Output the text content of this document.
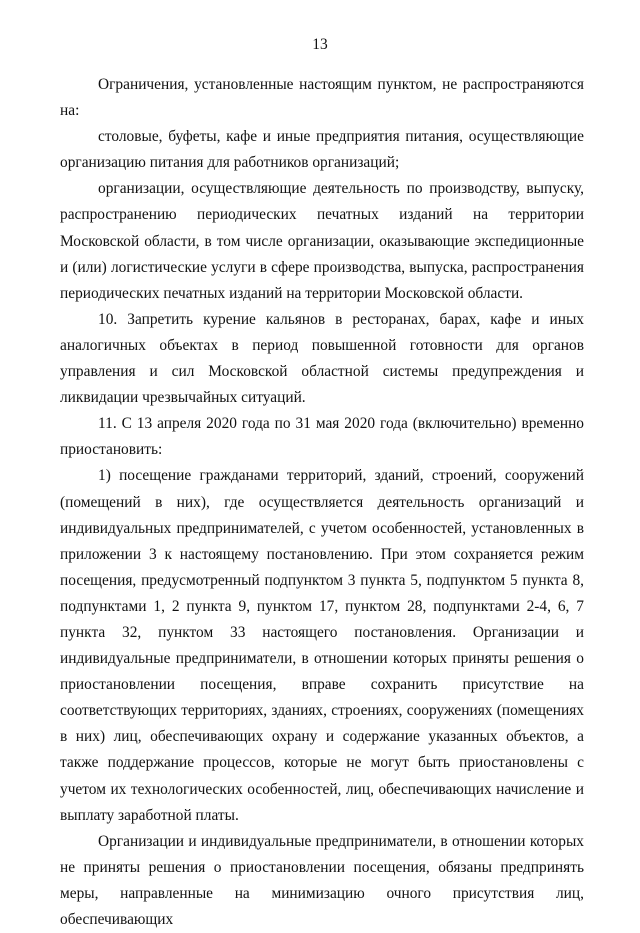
13

Ограничения, установленные настоящим пунктом, не распространяются на:

столовые, буфеты, кафе и иные предприятия питания, осуществляющие организацию питания для работников организаций;

организации, осуществляющие деятельность по производству, выпуску, распространению периодических печатных изданий на территории Московской области, в том числе организации, оказывающие экспедиционные и (или) логистические услуги в сфере производства, выпуска, распространения периодических печатных изданий на территории Московской области.

10. Запретить курение кальянов в ресторанах, барах, кафе и иных аналогичных объектах в период повышенной готовности для органов управления и сил Московской областной системы предупреждения и ликвидации чрезвычайных ситуаций.

11. С 13 апреля 2020 года по 31 мая 2020 года (включительно) временно приостановить:

1) посещение гражданами территорий, зданий, строений, сооружений (помещений в них), где осуществляется деятельность организаций и индивидуальных предпринимателей, с учетом особенностей, установленных в приложении 3 к настоящему постановлению. При этом сохраняется режим посещения, предусмотренный подпунктом 3 пункта 5, подпунктом 5 пункта 8, подпунктами 1, 2 пункта 9, пунктом 17, пунктом 28, подпунктами 2-4, 6, 7 пункта 32, пунктом 33 настоящего постановления. Организации и индивидуальные предприниматели, в отношении которых приняты решения о приостановлении посещения, вправе сохранить присутствие на соответствующих территориях, зданиях, строениях, сооружениях (помещениях в них) лиц, обеспечивающих охрану и содержание указанных объектов, а также поддержание процессов, которые не могут быть приостановлены с учетом их технологических особенностей, лиц, обеспечивающих начисление и выплату заработной платы.

Организации и индивидуальные предприниматели, в отношении которых не приняты решения о приостановлении посещения, обязаны предпринять меры, направленные на минимизацию очного присутствия лиц, обеспечивающих
